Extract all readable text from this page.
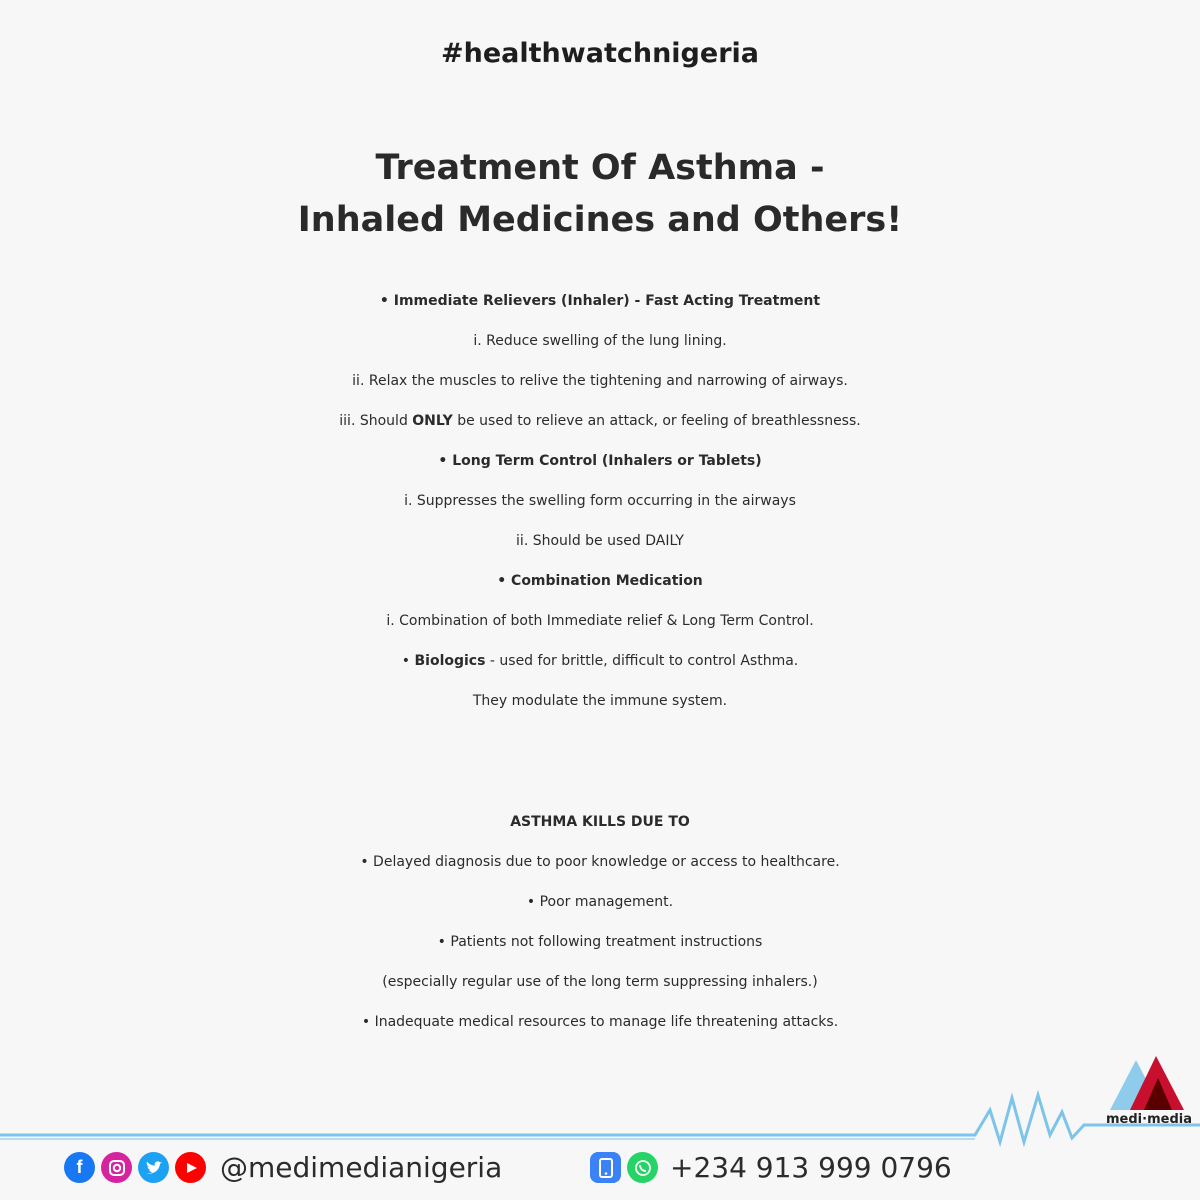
#healthwatchnigeria
Treatment Of Asthma -
Inhaled Medicines and Others!
• Immediate Relievers (Inhaler) - Fast Acting Treatment
i. Reduce swelling of the lung lining.
ii. Relax the muscles to relive the tightening and narrowing of airways.
iii. Should ONLY be used to relieve an attack, or feeling of breathlessness.
• Long Term Control (Inhalers or Tablets)
i. Suppresses the swelling form occurring in the airways
ii. Should be used DAILY
• Combination Medication
i. Combination of both Immediate relief & Long Term Control.
• Biologics - used for brittle, difficult to control Asthma.
They modulate the immune system.
ASTHMA KILLS DUE TO
• Delayed diagnosis due to poor knowledge or access to healthcare.
• Poor management.
• Patients not following treatment instructions
(especially regular use of the long term suppressing inhalers.)
• Inadequate medical resources to manage life threatening attacks.
medi·media
f	@medimedianigeria	+234 913 999 0796
